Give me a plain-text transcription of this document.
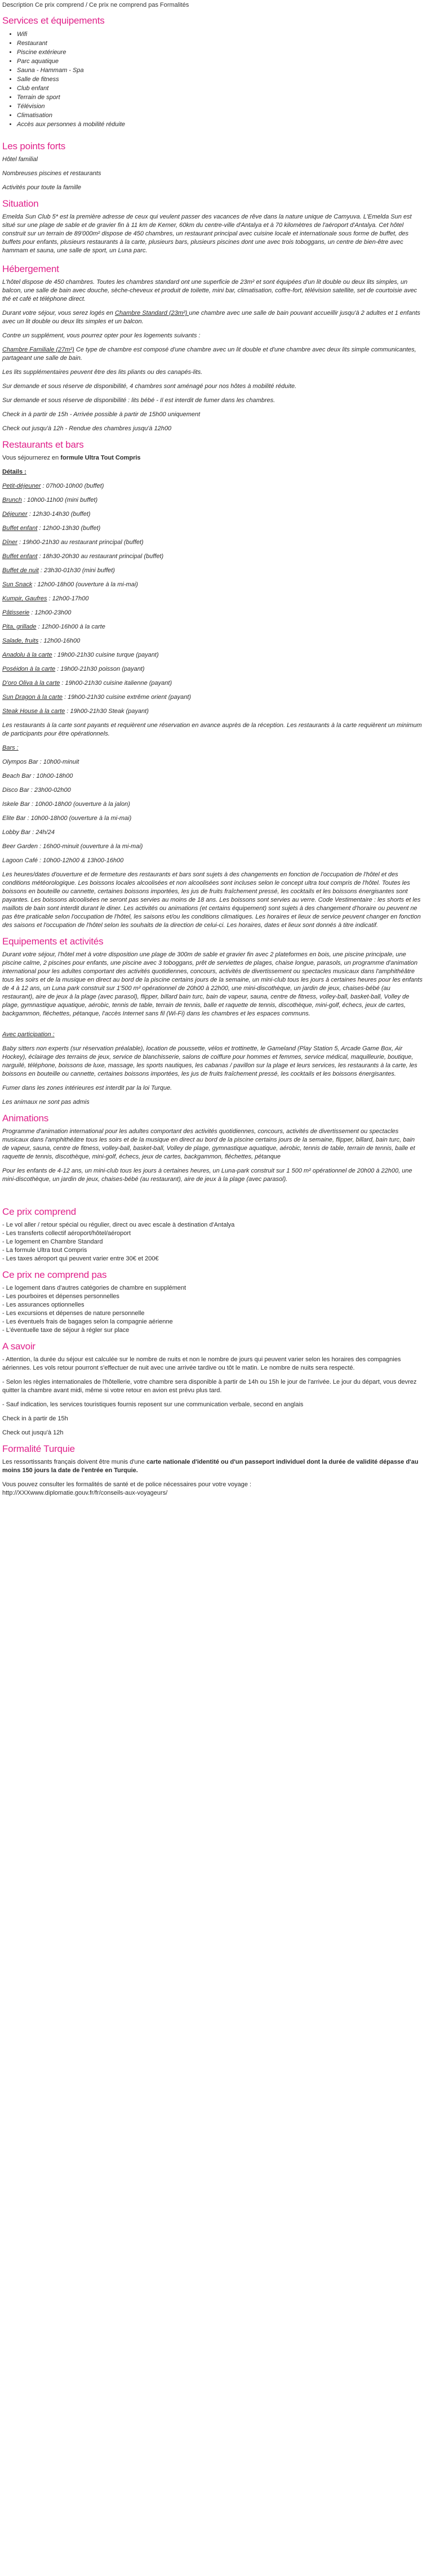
Description Ce prix comprend / Ce prix ne comprend pas Formalités

Services et équipements
• Wifi
• Restaurant
• Piscine extérieure
• Parc aquatique
• Sauna - Hammam - Spa
• Salle de fitness
• Club enfant
• Terrain de sport
• Télévision
• Climatisation
• Accès aux personnes à mobilité réduite
Les points forts

Hôtel familial

Nombreuses piscines et restaurants

Activités pour toute la famille

Situation

Emelda Sun Club 5* est la première adresse de ceux qui veulent passer des vacances de rêve dans la nature unique de Camyuva. L'Emelda Sun est situé sur une plage de sable et de gravier fin à 11 km de Kemer, 60km du centre-ville d'Antalya et à 70 kilomètres de l'aéroport d'Antalya. Cet hôtel construit sur un terrain de 89'000m² dispose de 450 chambres, un restaurant principal avec cuisine locale et internationale sous forme de buffet, des buffets pour enfants, plusieurs restaurants à la carte, plusieurs bars, plusieurs piscines dont une avec trois toboggans, un centre de bien-être avec hammam et sauna, une salle de sport, un Luna parc.

Hébergement

L'hôtel dispose de 450 chambres. Toutes les chambres standard ont une superficie de 23m² et sont équipées d'un lit double ou deux lits simples, un balcon, une salle de bain avec douche, sèche-cheveux et produit de toilette, mini bar, climatisation, coffre-fort, télévision satellite, set de courtoisie avec thé et café et téléphone direct.

Durant votre séjour, vous serez logés en Chambre Standard (23m²) une chambre avec une salle de bain pouvant accueillir jusqu'à 2 adultes et 1 enfants avec un lit double ou deux lits simples et un balcon.

Contre un supplément, vous pourrez opter pour les logements suivants :

Chambre Familiale (27m²) Ce type de chambre est composé d'une chambre avec un lit double et d'une chambre avec deux lits simple communicantes, partageant une salle de bain.

Les lits supplémentaires peuvent être des lits pliants ou des canapés-lits.

Sur demande et sous réserve de disponibilité, 4 chambres sont aménagé pour nos hôtes à mobilité réduite.

Sur demande et sous réserve de disponibilité : lits bébé - Il est interdit de fumer dans les chambres.

Check in à partir de 15h - Arrivée possible à partir de 15h00 uniquement

Check out jusqu'à 12h - Rendue des chambres jusqu'à 12h00

Restaurants et bars

Vous séjournerez en formule Ultra Tout Compris

Détails :

Petit-déjeuner : 07h00-10h00 (buffet)

Brunch : 10h00-11h00 (mini buffet)

Déjeuner : 12h30-14h30 (buffet)

Buffet enfant : 12h00-13h30 (buffet)

Dîner : 19h00-21h30 au restaurant principal (buffet)

Buffet enfant : 18h30-20h30 au restaurant principal (buffet)

Buffet de nuit : 23h30-01h30 (mini buffet)

Sun Snack : 12h00-18h00 (ouverture à la mi-mai)

Kumpir, Gaufres : 12h00-17h00

Pâtisserie : 12h00-23h00

Pita, grillade : 12h00-16h00 à la carte

Salade, fruits : 12h00-16h00

Anadolu à la carte : 19h00-21h30 cuisine turque (payant)

Poséidon à la carte : 19h00-21h30 poisson (payant)

D'oro Oliva à la carte : 19h00-21h30 cuisine italienne (payant)

Sun Dragon à la carte : 19h00-21h30 cuisine extrême orient (payant)

Steak House à la carte : 19h00-21h30 Steak (payant)

Les restaurants à la carte sont payants et requièrent une réservation en avance auprès de la réception. Les restaurants à la carte requièrent un minimum de participants pour être opérationnels.

Bars :

Olympos Bar : 10h00-minuit

Beach Bar : 10h00-18h00

Disco Bar : 23h00-02h00

Iskele Bar : 10h00-18h00 (ouverture à la jalon)

Elite Bar : 10h00-18h00 (ouverture à la mi-mai)

Lobby Bar : 24h/24

Beer Garden : 16h00-minuit (ouverture à la mi-mai)

Lagoon Café : 10h00-12h00 & 13h00-16h00

Les heures/dates d'ouverture et de fermeture des restaurants et bars sont sujets à des changements en fonction de l'occupation de l'hôtel et des conditions météorologique. Les boissons locales alcoolisées et non alcoolisées sont incluses selon le concept ultra tout compris de l'hôtel. Toutes les boissons en bouteille ou cannette, certaines boissons importées, les jus de fruits fraîchement pressé, les cocktails et les boissons énergisantes sont payantes. Les boissons alcoolisées ne seront pas servies au moins de 18 ans. Les boissons sont servies au verre. Code Vestimentaire : les shorts et les maillots de bain sont interdit durant le diner. Les activités ou animations (et certains équipement) sont sujets à des changement d'horaire ou peuvent ne pas être praticable selon l'occupation de l'hôtel, les saisons et/ou les conditions climatiques. Les horaires et lieux de service peuvent changer en fonction des saisons et l'occupation de l'hôtel selon les souhaits de la direction de celui-ci. Les horaires, dates et lieux sont donnés à titre indicatif.

Equipements et activités

Durant votre séjour, l'hôtel met à votre disposition une plage de 300m de sable et gravier fin avec 2 plateformes en bois, une piscine principale, une piscine calme, 2 piscines pour enfants, une piscine avec 3 toboggans, prêt de serviettes de plages, chaise longue, parasols, un programme d'animation international pour les adultes comportant des activités quotidiennes, concours, activités de divertissement ou spectacles musicaux dans l'amphithéâtre tous les soirs et de la musique en direct au bord de la piscine certains jours de la semaine, un mini-club tous les jours à certaines heures pour les enfants de 4 à 12 ans, un Luna park construit sur 1'500 m² opérationnel de 20h00 à 22h00, une mini-discothèque, un jardin de jeux, chaises-bébé (au restaurant), aire de jeux à la plage (avec parasol), flipper, billard bain turc, bain de vapeur, sauna, centre de fitness, volley-ball, basket-ball, Volley de plage, gymnastique aquatique, aérobic, tennis de table, terrain de tennis, balle et raquette de tennis, discothèque, mini-golf, échecs, jeux de cartes, backgammon, fléchettes, pétanque, l'accès Internet sans fil (Wi-Fi) dans les chambres et les espaces communs.

Avec participation :

Baby sitters non experts (sur réservation préalable), location de poussette, vélos et trottinette, le Gameland (Play Station 5, Arcade Game Box, Air Hockey), éclairage des terrains de jeux, service de blanchisserie, salons de coiffure pour hommes et femmes, service médical, maquilleurie, boutique, narguilé, téléphone, boissons de luxe, massage, les sports nautiques, les cabanas / pavillon sur la plage et leurs services, les restaurants à la carte, les boissons en bouteille ou cannette, certaines boissons importées, les jus de fruits fraîchement pressé, les cocktails et les boissons énergisantes.

Fumer dans les zones intérieures est interdit par la loi Turque.

Les animaux ne sont pas admis

Animations

Programme d'animation international pour les adultes comportant des activités quotidiennes, concours, activités de divertissement ou spectacles musicaux dans l'amphithéâtre tous les soirs et de la musique en direct au bord de la piscine certains jours de la semaine, flipper, billard, bain turc, bain de vapeur, sauna, centre de fitness, volley-ball, basket-ball, Volley de plage, gymnastique aquatique, aérobic, tennis de table, terrain de tennis, balle et raquette de tennis, discothèque, mini-golf, échecs, jeux de cartes, backgammon, fléchettes, pétanque

Pour les enfants de 4-12 ans, un mini-club tous les jours à certaines heures, un Luna-park construit sur 1 500 m² opérationnel de 20h00 à 22h00, une mini-discothèque, un jardin de jeux, chaises-bébé (au restaurant), aire de jeux à la plage (avec parasol).

Ce prix comprend

- Le vol aller / retour spécial ou régulier, direct ou avec escale à destination d'Antalya

- Les transferts collectif aéroport/hôtel/aéroport

- Le logement en Chambre Standard

- La formule Ultra tout Compris

- Les taxes aéroport qui peuvent varier entre 30€ et 200€

Ce prix ne comprend pas

- Le logement dans d'autres catégories de chambre en supplément

- Les pourboires et dépenses personnelles

- Les assurances optionnelles

- Les excursions et dépenses de nature personnelle

- Les éventuels frais de bagages selon la compagnie aérienne

- L'éventuelle taxe de séjour à régler sur place

A savoir

- Attention, la durée du séjour est calculée sur le nombre de nuits et non le nombre de jours qui peuvent varier selon les horaires des compagnies aériennes. Les vols retour pourront s'effectuer de nuit avec une arrivée tardive ou tôt le matin. Le nombre de nuits sera respecté.

- Selon les règles internationales de l'hôtellerie, votre chambre sera disponible à partir de 14h ou 15h le jour de l'arrivée. Le jour du départ, vous devrez quitter la chambre avant midi, même si votre retour en avion est prévu plus tard.

- Sauf indication, les services touristiques fournis reposent sur une communication verbale, second en anglais

Check in à partir de 15h

Check out jusqu'à 12h

Formalité Turquie

Les ressortissants français doivent être munis d'une carte nationale d'identité ou d'un passeport individuel dont la durée de validité dépasse d'au moins 150 jours la date de l'entrée en Turquie.

Vous pouvez consulter les formalités de santé et de police nécessaires pour votre voyage :

http://XXXwww.diplomatie.gouv.fr/fr/conseils-aux-voyageurs/
